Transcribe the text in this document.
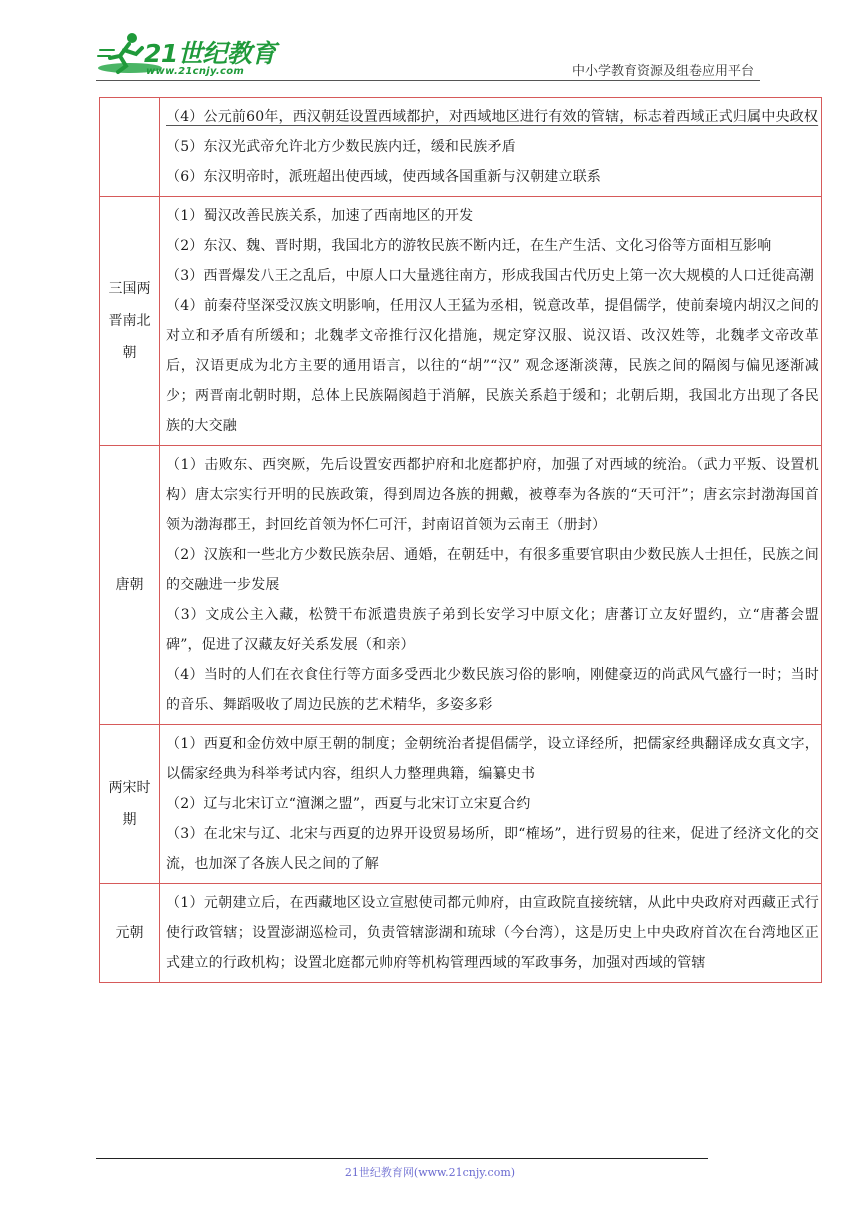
21世纪教育
www.21cnjy.com	中小学教育资源及组卷应用平台

	（4）公元前60年，西汉朝廷设置西域都护，对西域地区进行有效的管辖，标志着西域正式归属中央政权

（5）东汉光武帝允许北方少数民族内迁，缓和民族矛盾

（6）东汉明帝时，派班超出使西域，使西域各国重新与汉朝建立联系

三国两晋南北朝	（1）蜀汉改善民族关系，加速了西南地区的开发

（2）东汉、魏、晋时期，我国北方的游牧民族不断内迁，在生产生活、文化习俗等方面相互影响

（3）西晋爆发八王之乱后，中原人口大量逃往南方，形成我国古代历史上第一次大规模的人口迁徙高潮

（4）前秦苻坚深受汉族文明影响，任用汉人王猛为丞相，锐意改革，提倡儒学，使前秦境内胡汉之间的对立和矛盾有所缓和；北魏孝文帝推行汉化措施，规定穿汉服、说汉语、改汉姓等，北魏孝文帝改革后，汉语更成为北方主要的通用语言，以往的“胡”“汉” 观念逐渐淡薄，民族之间的隔阂与偏见逐渐减少；两晋南北朝时期，总体上民族隔阂趋于消解，民族关系趋于缓和；北朝后期，我国北方出现了各民族的大交融

唐朝	（1）击败东、西突厥，先后设置安西都护府和北庭都护府，加强了对西域的统治。（武力平叛、设置机构）唐太宗实行开明的民族政策，得到周边各族的拥戴，被尊奉为各族的“天可汗”；唐玄宗封渤海国首领为渤海郡王，封回纥首领为怀仁可汗，封南诏首领为云南王（册封）

（2）汉族和一些北方少数民族杂居、通婚，在朝廷中，有很多重要官职由少数民族人士担任，民族之间的交融进一步发展

（3）文成公主入藏，松赞干布派遣贵族子弟到长安学习中原文化；唐蕃订立友好盟约，立“唐蕃会盟碑”，促进了汉藏友好关系发展（和亲）

（4）当时的人们在衣食住行等方面多受西北少数民族习俗的影响，刚健豪迈的尚武风气盛行一时；当时的音乐、舞蹈吸收了周边民族的艺术精华，多姿多彩

两宋时期	（1）西夏和金仿效中原王朝的制度；金朝统治者提倡儒学，设立译经所，把儒家经典翻译成女真文字，以儒家经典为科举考试内容，组织人力整理典籍，编纂史书

（2）辽与北宋订立“澶渊之盟”，西夏与北宋订立宋夏合约

（3）在北宋与辽、北宋与西夏的边界开设贸易场所，即“榷场”，进行贸易的往来，促进了经济文化的交流，也加深了各族人民之间的了解

元朝	（1）元朝建立后，在西藏地区设立宣慰使司都元帅府，由宣政院直接统辖，从此中央政府对西藏正式行使行政管辖；设置澎湖巡检司，负责管辖澎湖和琉球（今台湾），这是历史上中央政府首次在台湾地区正式建立的行政机构；设置北庭都元帅府等机构管理西域的军政事务，加强对西域的管辖

21世纪教育网(www.21cnjy.com)
